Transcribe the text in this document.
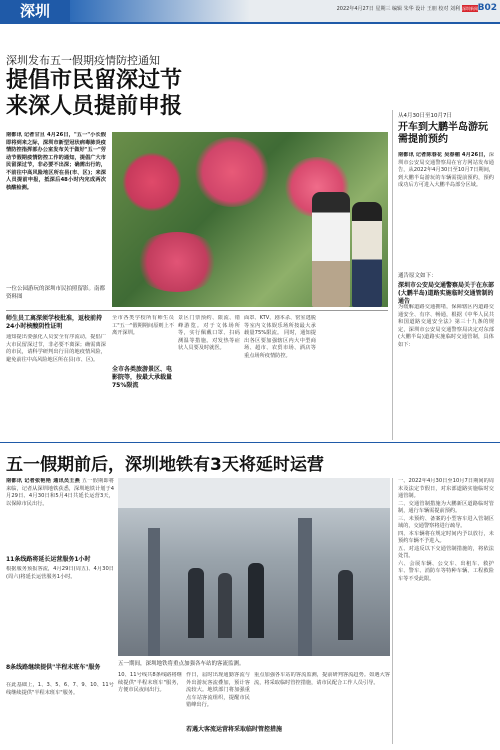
深圳	2022年4月27日 星期三 编辑 朱华 设计 王朋 校对 刘利 深圳新闻 B02
深圳发布五一假期疫情防控通知
提倡市民留深过节
来深人员提前申报
南都讯 记者甘旦 4月26日，"五一"小长假即将到来之际，深圳市新型冠状病毒肺炎疫情防控指挥部办公室发布关于做好"五一"劳动节假期疫情防控工作的通知，提倡广大市民留深过节，非必要不出深；确需出行的，不前往中高风险地区所在县(市、区)；来深人员提前申报，抵深后48小时内完成两次核酸检测。
一位公园游玩的深圳市民拍照留影。南都资料图
师生员工离深须学校批准，返校前持24小时核酸阴性证明
通知提出要强化人员安全有序流动，提倡广大市民留深过节，非必要不离深；确需离深的市民，请科学研判出行目的地疫情风险，避免前往中高风险地区所在县(市、区)。
全市各类学校所有师生员工"五一"假期期间原则上不离开深圳。
全市各类旅游景区、电影院等，按最大承载量75%限流
景区门票预约、限流、错峰游览。对于文体场所等，实行佩戴口罩、扫码测温等措施。对发热等症状人员要及时就医。
面罩、KTV、剧本杀、密室逃脱等室内文体娱乐场所按最大承载量75%限流。 同时，通知提出各区要加强辖区内大中型商场、超市、农贸市场、酒店等重点场所疫情防控。
从4月30日至10月7日
开车到大鹏半岛游玩需提前预约
南都讯 记者陈春花 吴春楣 4月26日，深圳市公安局交通警察局在官方网站发布通告，从2022年4月30日至10月7日期间，到大鹏半岛游玩的车辆需提前预约，预约成功后方可进入大鹏半岛部分区域。
通告原文如下：
深圳市公安局交通警察局关于在东部(大鹏半岛)道路实施临时交通管制的通告
为缓解道路交通拥堵，保障辖区内道路交通安全、有序、畅通，根据《中华人民共和国道路交通安全法》第三十九条的规定，深圳市公安局交通警察局决定对东部(大鹏半岛)道路实施临时交通管制，具体如下：
五一假期前后，深圳地铁有3天将延时运营
南都讯 记者张艳艳 通讯员王燕 五一假期即将来临，记者从深圳地铁获悉，深圳地铁计划于4月29日、4月30日和5月4日共延长运营3天，以保障市民出行。
11条线路将延长运营服务1小时
根据服务预报客流，4月29日(周五)、4月30日(周六)将延长运营服务1小时。
8条线路继续提供"半程末班车"服务
在此基础上，1、3、5、6、7、9、10、11号线继续提供"半程末班车"服务。
五一期间，深圳地铁将重点加强各车站的客流监测。
10、11号线共8条线路将继续提供"半程末班车"服务，方便市民夜间出行。
作日，届时出现通勤客流与外出游玩客流叠加，预计客流较大。地铁部门将加强重点车站客流组织，提醒市民错峰出行。
若遇大客流运营将采取临时管控措施
重点加强各车站的客流监测，提前研判客流趋势。如遇大客流，将采取临时管控措施，请市民配合工作人员引导。
一、2022年4月30日至10月7日期间的周末及法定节假日，对东部道路实施临时交通管制。
二、交通管制措施为大鹏新区道路临时管制，通行车辆需提前预约。
三、未预约、备案的小型客车进入管制区域的，交通警察将进行疏导。
四、本车辆将在规定时间内予以放行，未预约车辆不予进入。
五、对违反以下交通管制措施的，将依法处罚。
六、会展车辆、公交车、出租车、救护车、警车、消防车等特种车辆、工程救险车等不受此限。
